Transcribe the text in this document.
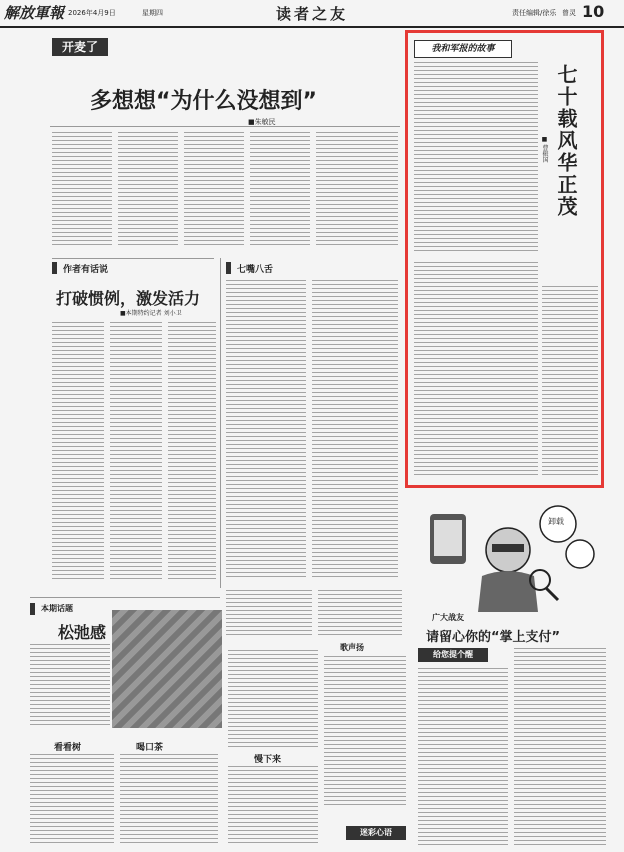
解放軍報 2026年4月9日	星期四	读者之友	责任编辑/徐乐 曾灵 10
开麦了
多想想“为什么没想到”
■朱敏民
作者有话说
打破惯例，激发活力
■本期特约记者 刘小卫
七嘴八舌
我和军报的故事
七十载风华正茂
■ 曹振国
卸载
本期话题
松弛感
看看树	喝口茶
慢下来
歌声扬
广大战友
请留心你的“掌上支付”
给您提个醒
迷彩心语
